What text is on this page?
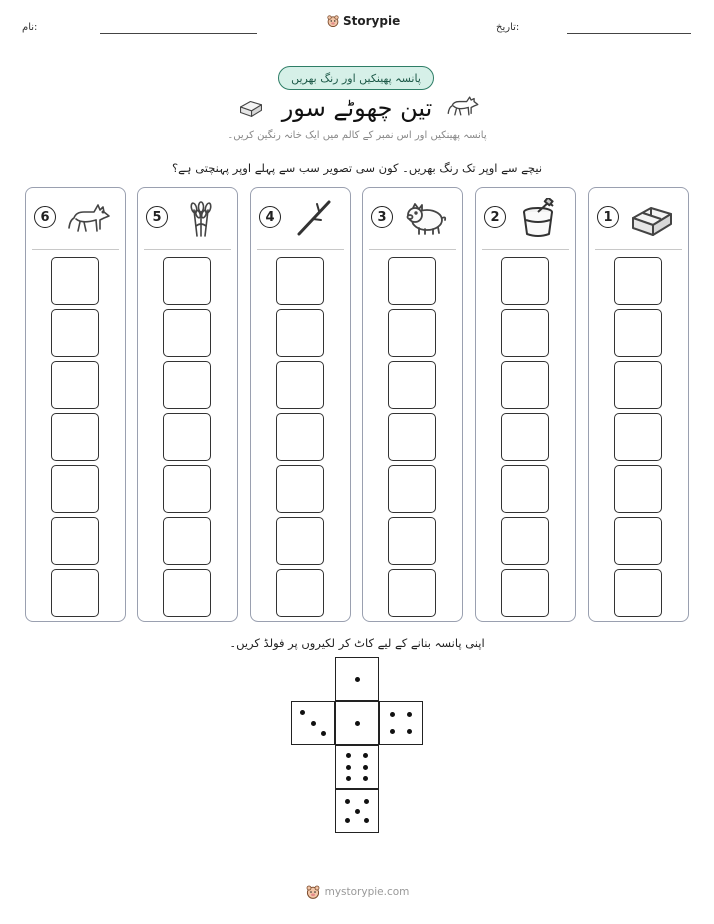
نام:	Storypie	تاریخ:
پانسہ پھینکیں اور رنگ بھریں
تین چھوٹے سور
پانسہ پھینکیں اور اس نمبر کے کالم میں ایک خانہ رنگین کریں۔
نیچے سے اوپر تک رنگ بھریں۔ کون سی تصویر سب سے پہلے اوپر پہنچتی ہے؟
1
2
3
4
5
6
اپنی پانسہ بنانے کے لیے کاٹ کر لکیروں پر فولڈ کریں۔
mystorypie.com
